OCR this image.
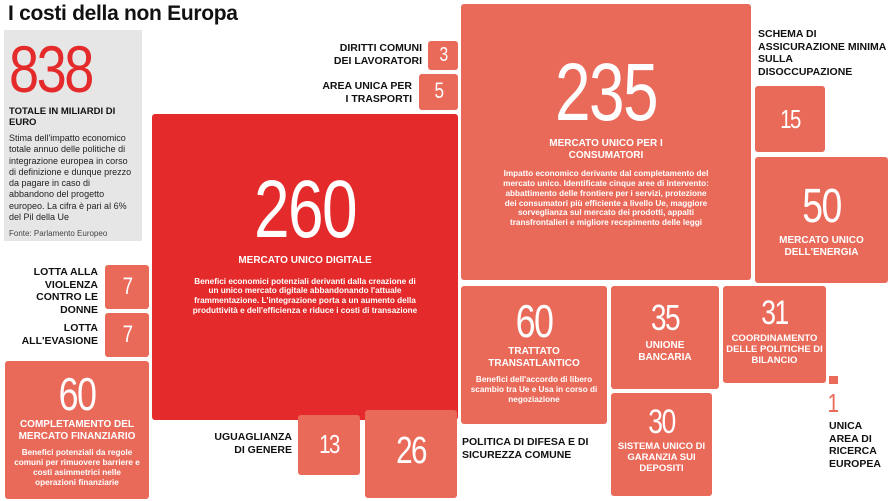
I costi della non Europa
838
TOTALE IN MILIARDI DI EURO
Stima dell'impatto economico totale annuo delle politiche di integrazione europea in corso di definizione e dunque prezzo da pagare in caso di abbandono del progetto europeo. La cifra è pari al 6% del Pil della Ue
Fonte: Parlamento Europeo	260
MERCATO UNICO DIGITALE
Benefici economici potenziali derivanti dalla creazione di un unico mercato digitale abbandonando l'attuale frammentazione. L'integrazione porta a un aumento della produttività e dell'efficienza e riduce i costi di transazione
235
MERCATO UNICO PER I CONSUMATORI
Impatto economico derivante dal completamento del mercato unico. Identificate cinque aree di intervento: abbattimento delle frontiere per i servizi, protezione dei consumatori più efficiente a livello Ue, maggiore sorveglianza sul mercato dei prodotti, appalti transfrontalieri e migliore recepimento delle leggi
60
TRATTATO TRANSATLANTICO
Benefici dell'accordo di libero scambio tra Ue e Usa in corso di negoziazione
60
COMPLETAMENTO DEL MERCATO FINANZIARIO
Benefici potenziali da regole comuni per rimuovere barriere e costi asimmetrici nelle operazioni finanziarie
50
MERCATO UNICO DELL'ENERGIA
35
UNIONE BANCARIA
31
COORDINAMENTO DELLE POLITICHE DI BILANCIO
30
SISTEMA UNICO DI GARANZIA SUI DEPOSITI
26	POLITICA DI DIFESA E DI SICUREZZA COMUNE
15
SCHEMA DI ASSICURAZIONE MINIMA SULLA DISOCCUPAZIONE
13
UGUAGLIANZA DI GENERE
7
LOTTA ALLA VIOLENZA CONTRO LE DONNE
7
LOTTA ALL'EVASIONE
5
AREA UNICA PER I TRASPORTI
3
DIRITTI COMUNI DEI LAVORATORI
1
UNICA AREA DI RICERCA EUROPEA
